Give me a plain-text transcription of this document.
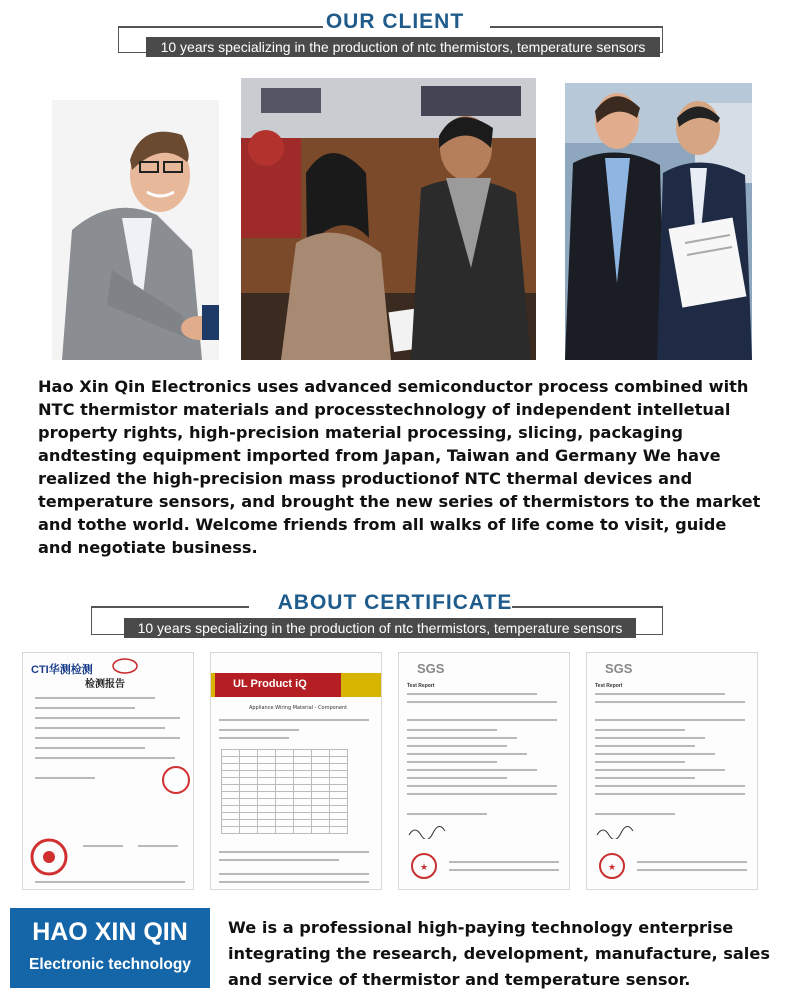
OUR CLIENT
10 years specializing in the production of ntc thermistors, temperature sensors
Hao Xin Qin Electronics uses advanced semiconductor process combined with NTC thermistor materials and processtechnology of independent intelletual property rights, high-precision material processing, slicing, packaging andtesting equipment imported from Japan, Taiwan and Germany We have realized the high-precision mass productionof NTC thermal devices and temperature sensors, and brought the new series of thermistors to the market and tothe world. Welcome friends from all walks of life come to visit, guide and negotiate business.
ABOUT CERTIFICATE
10 years specializing in the production of ntc thermistors, temperature sensors
CTI华测检测
检测报告	UL Product iQ
Appliance Wiring Material - Component

SGS
Test Report
★
SGS
Test Report
★
HAO XIN QIN
Electronic technology
We is a professional high-paying technology enterprise integrating the research, development, manufacture, sales and service of thermistor and temperature sensor.
